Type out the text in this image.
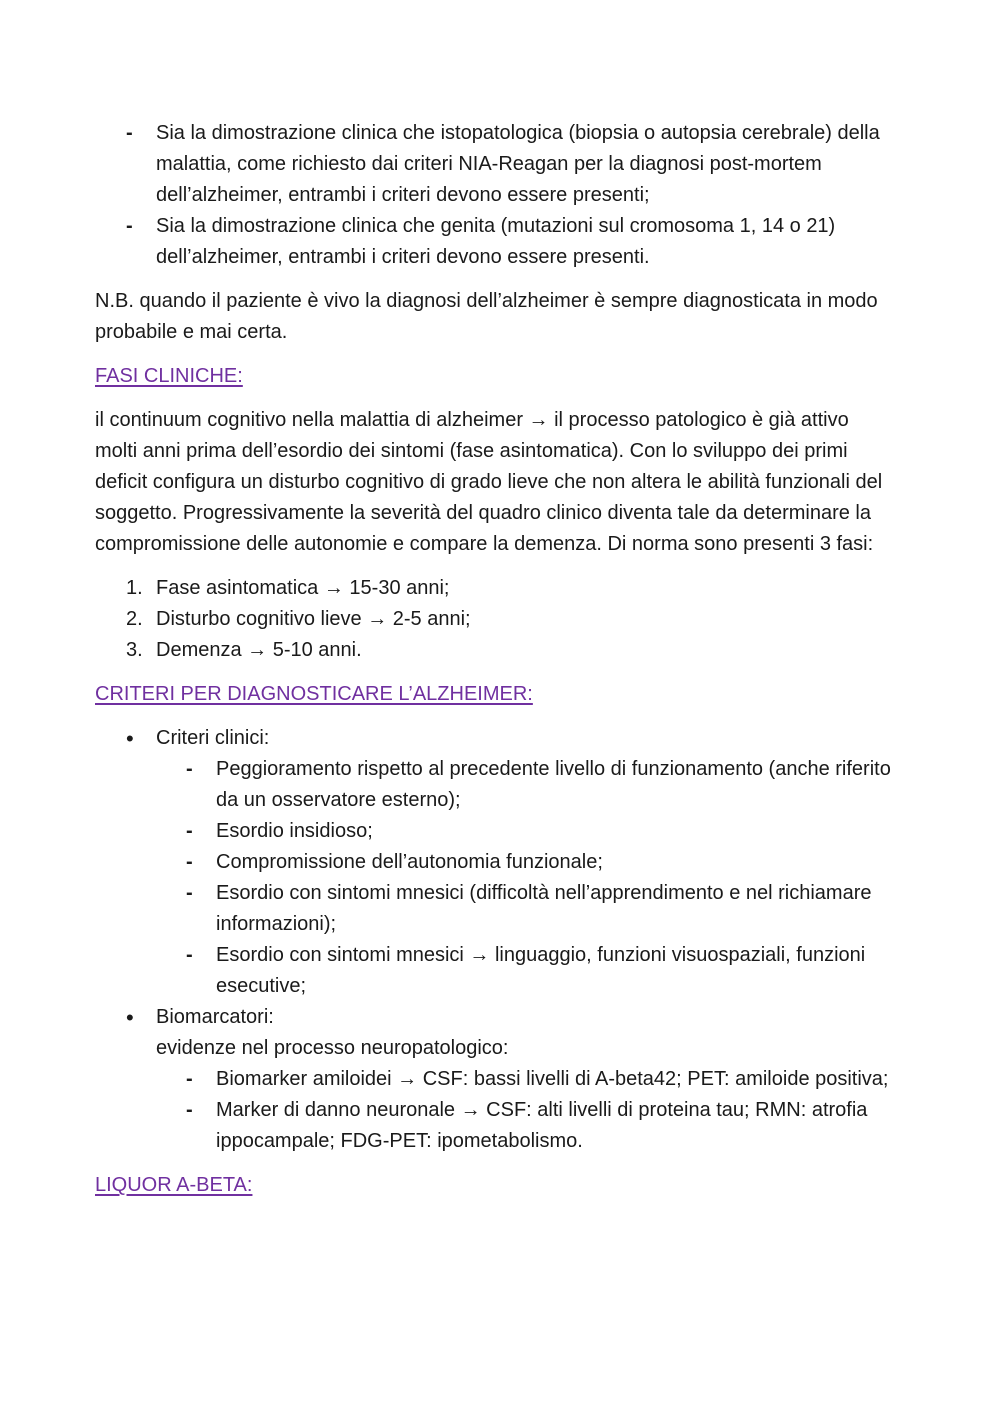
- Sia la dimostrazione clinica che istopatologica (biopsia o autopsia cerebrale) della malattia, come richiesto dai criteri NIA-Reagan per la diagnosi post-mortem dell’alzheimer, entrambi i criteri devono essere presenti;
- Sia la dimostrazione clinica che genita (mutazioni sul cromosoma 1, 14 o 21) dell’alzheimer, entrambi i criteri devono essere presenti.

N.B. quando il paziente è vivo la diagnosi dell’alzheimer è sempre diagnosticata in modo probabile e mai certa.

FASI CLINICHE:

il continuum cognitivo nella malattia di alzheimer → il processo patologico è già attivo molti anni prima dell’esordio dei sintomi (fase asintomatica). Con lo sviluppo dei primi deficit configura un disturbo cognitivo di grado lieve che non altera le abilità funzionali del soggetto. Progressivamente la severità del quadro clinico diventa tale da determinare la compromissione delle autonomie e compare la demenza. Di norma sono presenti 3 fasi:

1. Fase asintomatica → 15-30 anni;
2. Disturbo cognitivo lieve → 2-5 anni;
3. Demenza → 5-10 anni.

CRITERI PER DIAGNOSTICARE L’ALZHEIMER:

• Criteri clinici:
- Peggioramento rispetto al precedente livello di funzionamento (anche riferito da un osservatore esterno);
- Esordio insidioso;
- Compromissione dell’autonomia funzionale;
- Esordio con sintomi mnesici (difficoltà nell’apprendimento e nel richiamare informazioni);
- Esordio con sintomi mnesici → linguaggio, funzioni visuospaziali, funzioni esecutive;
• Biomarcatori:
evidenze nel processo neuropatologico:
- Biomarker amiloidei → CSF: bassi livelli di A-beta42; PET: amiloide positiva;
- Marker di danno neuronale → CSF: alti livelli di proteina tau; RMN: atrofia ippocampale; FDG-PET: ipometabolismo.

LIQUOR A-BETA:
